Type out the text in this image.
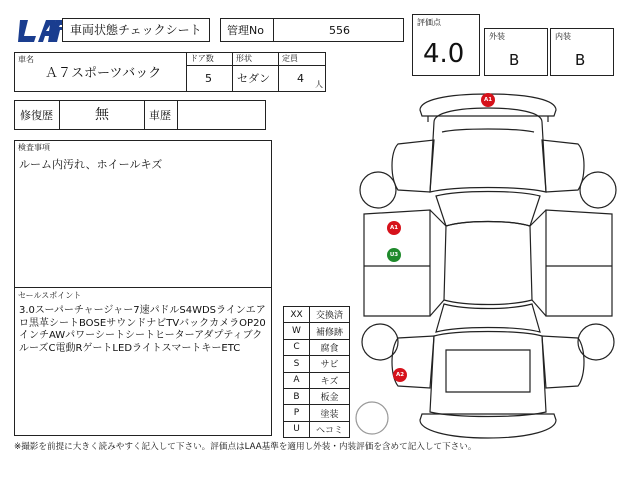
車両状態チェックシート 管理No	556
評価点
4.0
外装
B
内装
B
車名
Ａ７スポーツバック
ドア数
5
形状
セダン
定員
4 人
修復歴	無	車歴
検査事項
ルーム内汚れ、ホイールキズ
セールスポイント
3.0スーパーチャージャー7速パドルS4WDSラインエアロ黒革シートBOSEサウンドナビTVバックカメラOP20インチAWパワーシートシートヒーターアダプティブクルーズC電動RゲートLEDライトスマートキーETC
XX	交換済
W	補修跡
C	腐食
S	サビ
A	キズ
B	板金
P	塗装
U	ヘコミ
A1
A1
U3
A2
※撮影を前提に大きく読みやすく記入して下さい。評価点はLAA基準を適用し外装・内装評価を含めて記入して下さい。
